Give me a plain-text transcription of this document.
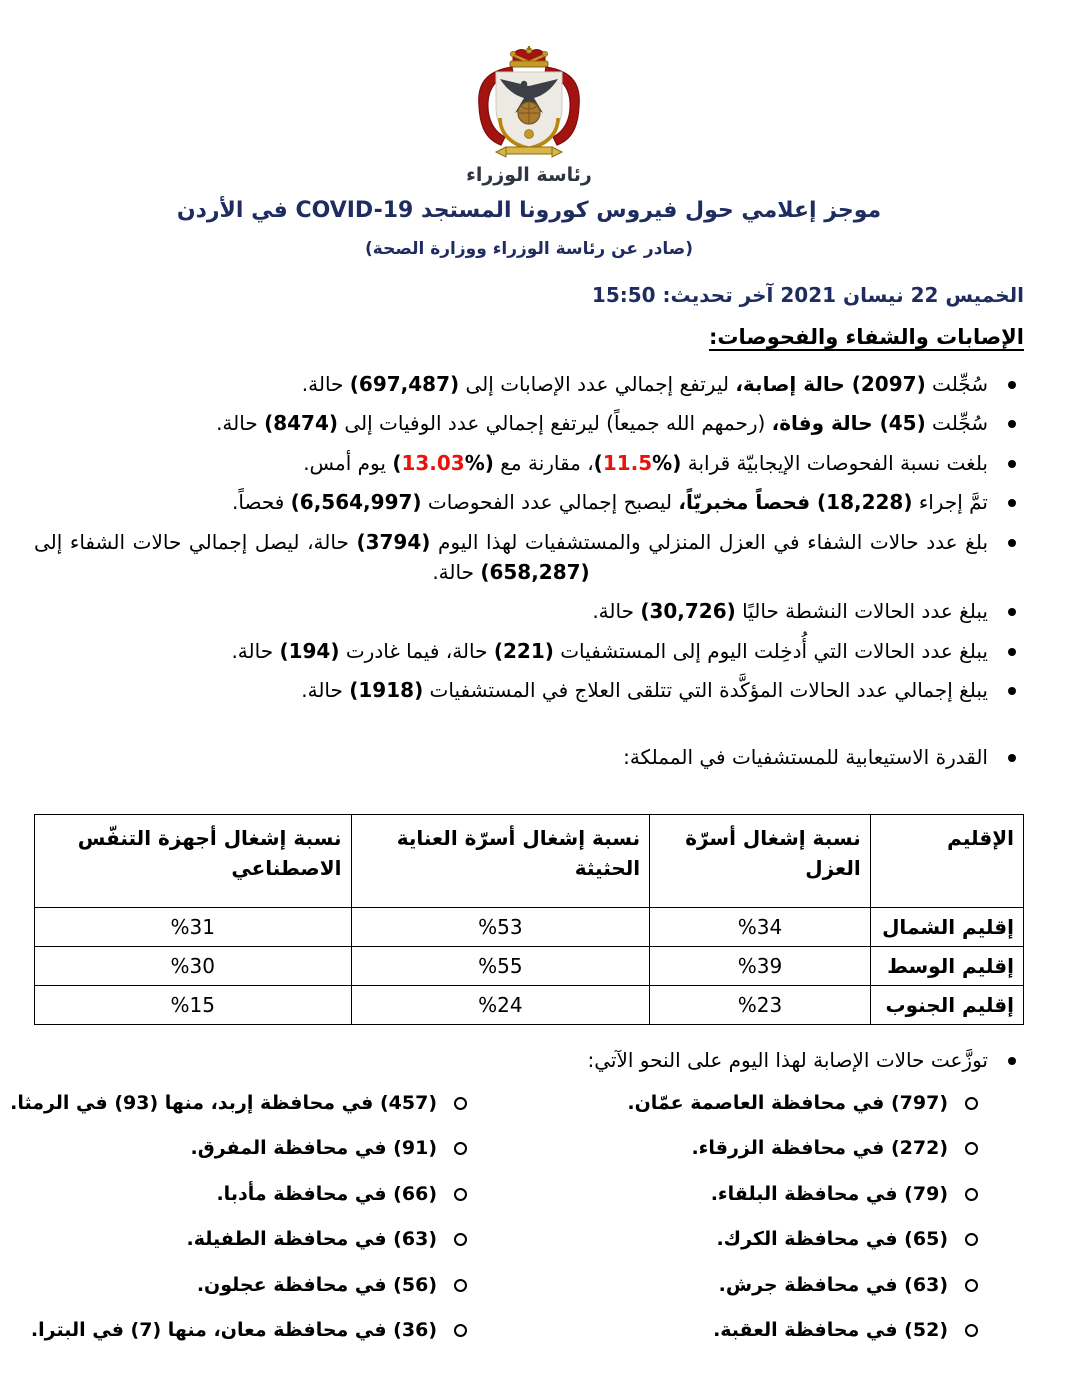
رئاسة الوزراء
موجز إعلامي حول فيروس كورونا المستجد COVID-19 في الأردن
(صادر عن رئاسة الوزراء ووزارة الصحة)
الخميس 22 نيسان 2021 آخر تحديث: 15:50
الإصابات والشفاء والفحوصات:
سُجِّلت (2097) حالة إصابة، ليرتفع إجمالي عدد الإصابات إلى (697,487) حالة.
سُجِّلت (45) حالة وفاة، (رحمهم الله جميعاً) ليرتفع إجمالي عدد الوفيات إلى (8474) حالة.
بلغت نسبة الفحوصات الإيجابيّة قرابة (%11.5)، مقارنة مع (%13.03) يوم أمس.
تمَّ إجراء (18,228) فحصاً مخبريّاً، ليصبح إجمالي عدد الفحوصات (6,564,997) فحصاً.
بلغ عدد حالات الشفاء في العزل المنزلي والمستشفيات لهذا اليوم (3794) حالة، ليصل إجمالي حالات الشفاء إلى (658,287) حالة.
يبلغ عدد الحالات النشطة حاليًا (30,726) حالة.
يبلغ عدد الحالات التي أُدخِلت اليوم إلى المستشفيات (221) حالة، فيما غادرت (194) حالة.
يبلغ إجمالي عدد الحالات المؤكَّدة التي تتلقى العلاج في المستشفيات (1918) حالة.
القدرة الاستيعابية للمستشفيات في المملكة:
الإقليم	نسبة إشغال أسرّة العزل	نسبة إشغال أسرّة العناية الحثيثة	نسبة إشغال أجهزة التنفّس الاصطناعي
إقليم الشمال	%34	%53	%31
إقليم الوسط	%39	%55	%30
إقليم الجنوب	%23	%24	%15
توزَّعت حالات الإصابة لهذا اليوم على النحو الآتي:
(797) في محافظة العاصمة عمّان.
(272) في محافظة الزرقاء.
(79) في محافظة البلقاء.
(65) في محافظة الكرك.
(63) في محافظة جرش.
(52) في محافظة العقبة.
(457) في محافظة إربد، منها (93) في الرمثا.
(91) في محافظة المفرق.
(66) في محافظة مأدبا.
(63) في محافظة الطفيلة.
(56) في محافظة عجلون.
(36) في محافظة معان، منها (7) في البترا.
